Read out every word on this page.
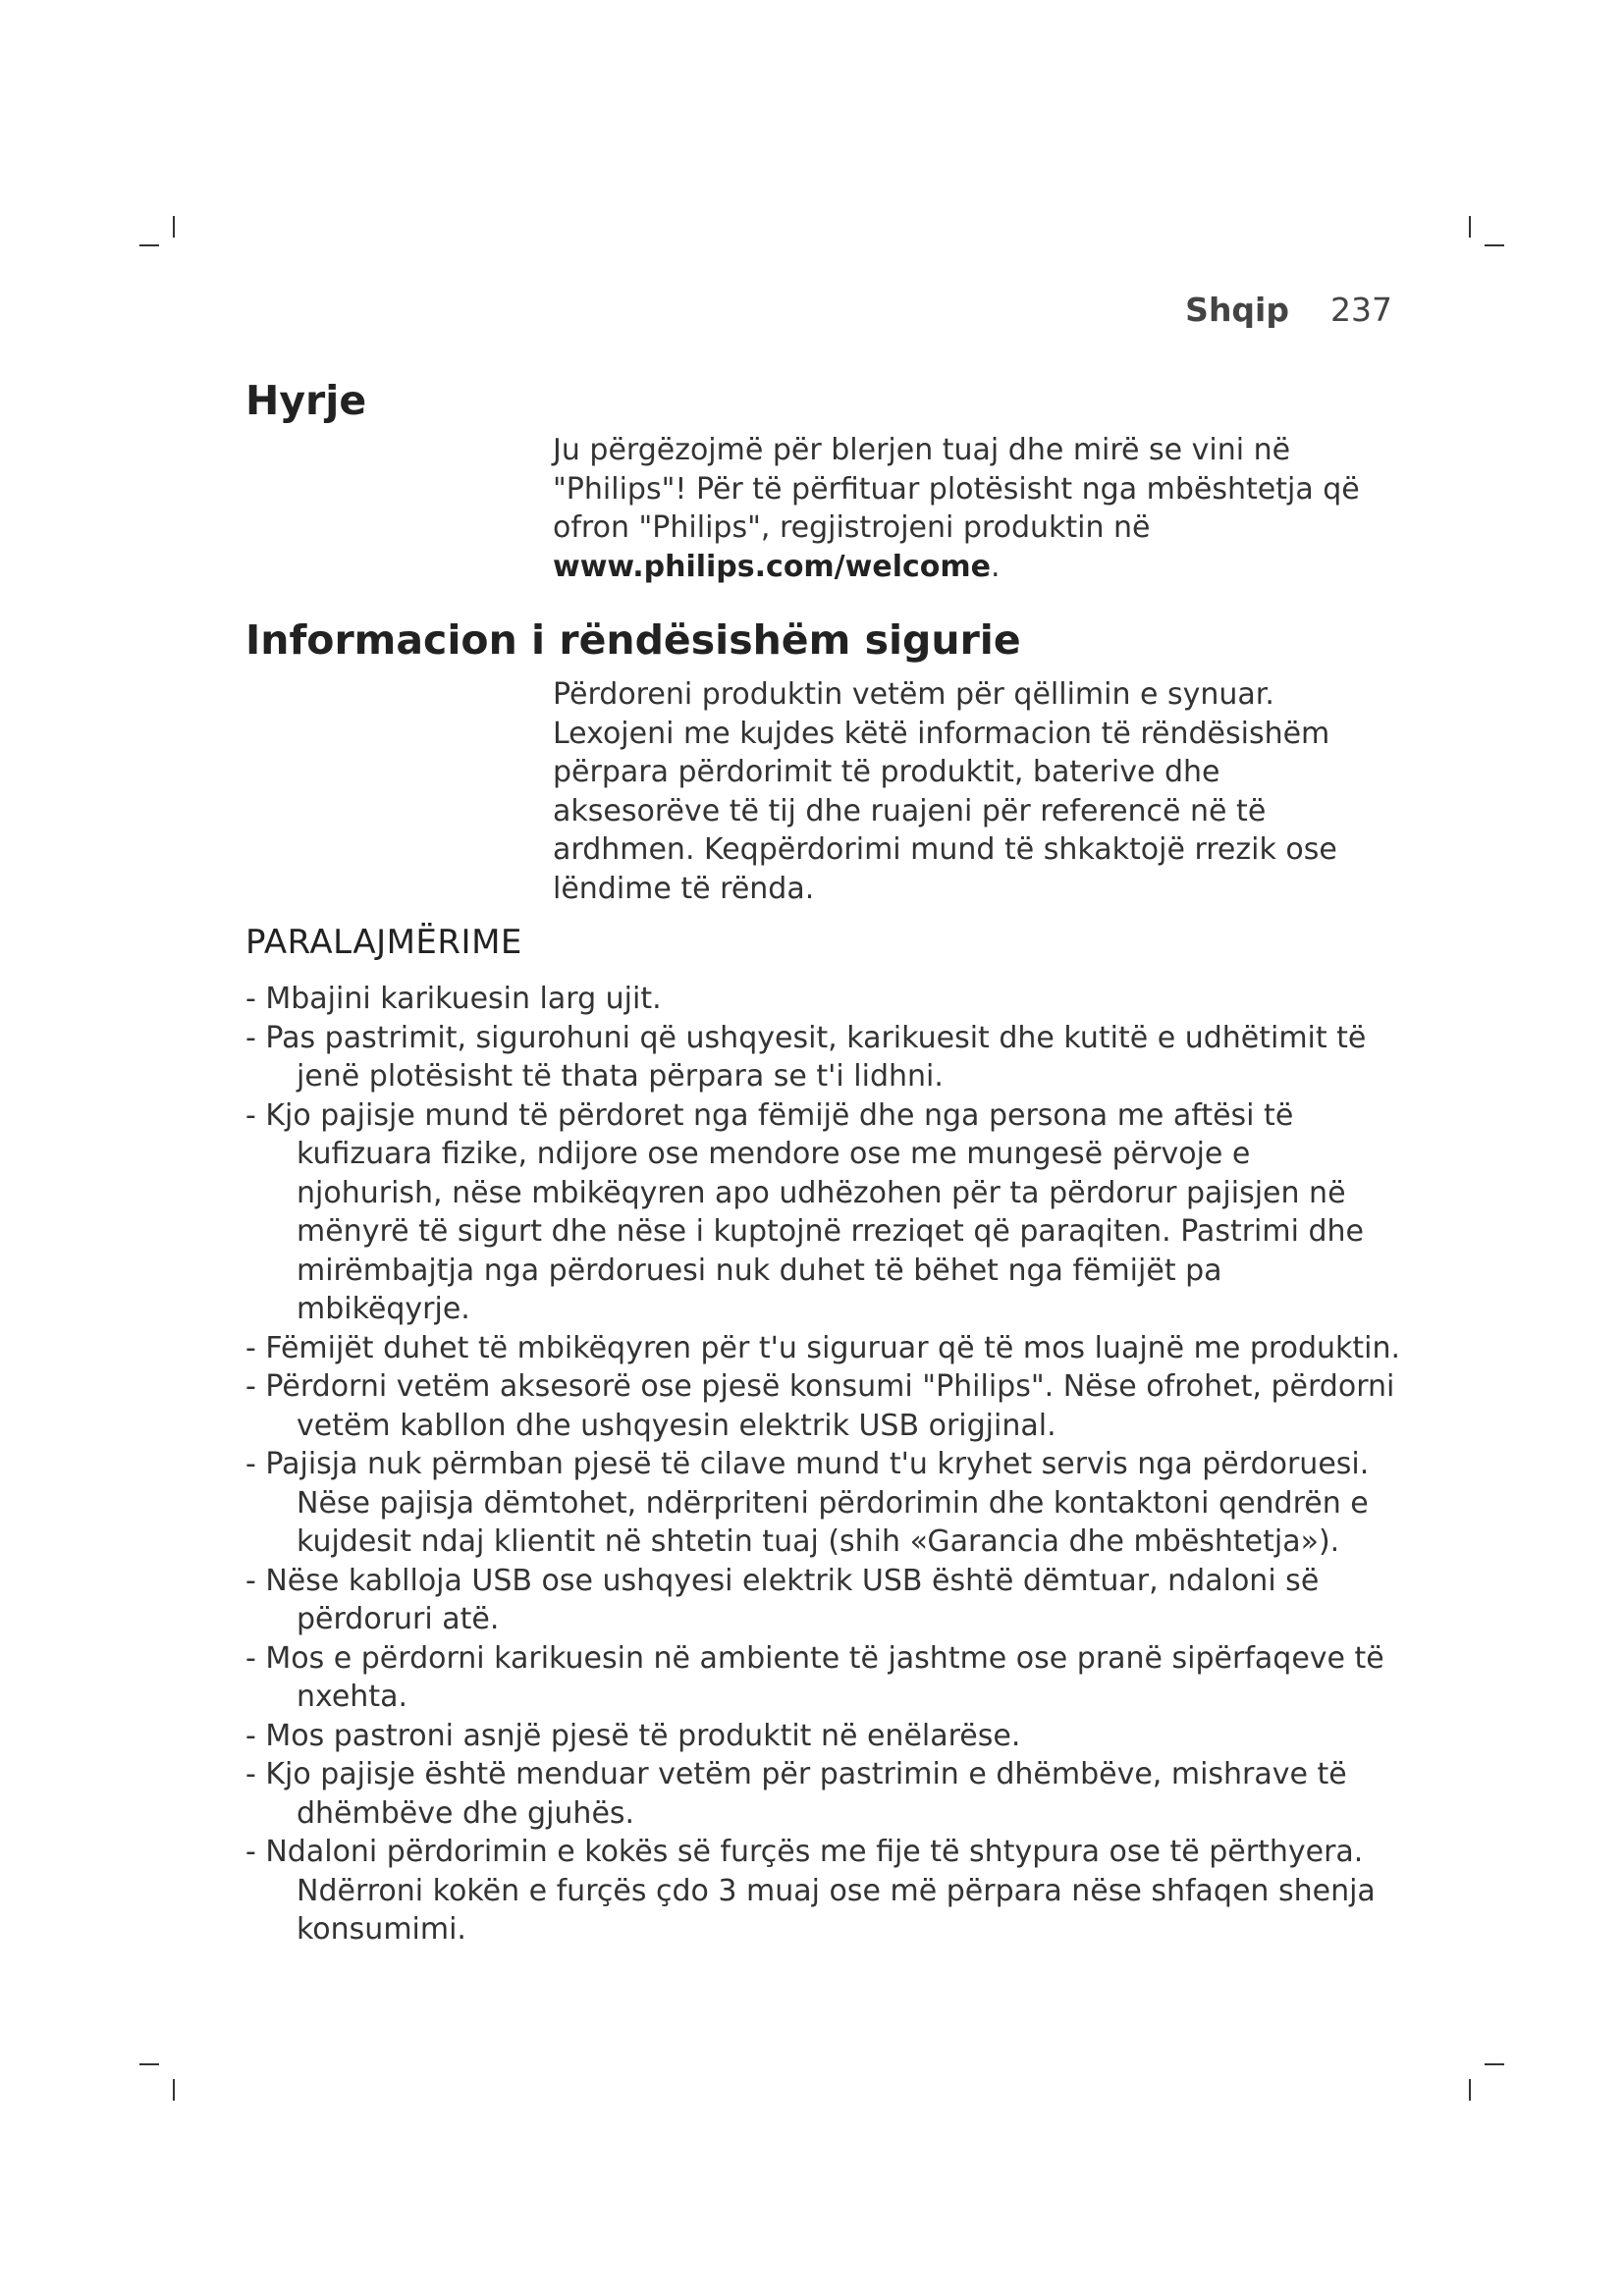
Shqip 237
Hyrje

Ju përgëzojmë për blerjen tuaj dhe mirë se vini në "Philips"! Për të përfituar plotësisht nga mbështetja që ofron "Philips", regjistrojeni produktin në www.philips.com/welcome.

Informacion i rëndësishëm sigurie

Përdoreni produktin vetëm për qëllimin e synuar. Lexojeni me kujdes këtë informacion të rëndësishëm përpara përdorimit të produktit, baterive dhe aksesorëve të tij dhe ruajeni për referencë në të ardhmen. Keqpërdorimi mund të shkaktojë rrezik ose lëndime të rënda.

PARALAJMËRIME
- Mbajini karikuesin larg ujit.
- Pas pastrimit, sigurohuni që ushqyesit, karikuesit dhe kutitë e udhëtimit të jenë plotësisht të thata përpara se t'i lidhni.
- Kjo pajisje mund të përdoret nga fëmijë dhe nga persona me aftësi të kufizuara fizike, ndijore ose mendore ose me mungesë përvoje e njohurish, nëse mbikëqyren apo udhëzohen për ta përdorur pajisjen në mënyrë të sigurt dhe nëse i kuptojnë rreziqet që paraqiten. Pastrimi dhe mirëmbajtja nga përdoruesi nuk duhet të bëhet nga fëmijët pa mbikëqyrje.
- Fëmijët duhet të mbikëqyren për t'u siguruar që të mos luajnë me produktin.
- Përdorni vetëm aksesorë ose pjesë konsumi "Philips". Nëse ofrohet, përdorni vetëm kabllon dhe ushqyesin elektrik USB origjinal.
- Pajisja nuk përmban pjesë të cilave mund t'u kryhet servis nga përdoruesi. Nëse pajisja dëmtohet, ndërpriteni përdorimin dhe kontaktoni qendrën e kujdesit ndaj klientit në shtetin tuaj (shih «Garancia dhe mbështetja»).
- Nëse kablloja USB ose ushqyesi elektrik USB është dëmtuar, ndaloni së përdoruri atë.
- Mos e përdorni karikuesin në ambiente të jashtme ose pranë sipërfaqeve të nxehta.
- Mos pastroni asnjë pjesë të produktit në enëlarëse.
- Kjo pajisje është menduar vetëm për pastrimin e dhëmbëve, mishrave të dhëmbëve dhe gjuhës.
- Ndaloni përdorimin e kokës së furçës me fije të shtypura ose të përthyera. Ndërroni kokën e furçës çdo 3 muaj ose më përpara nëse shfaqen shenja konsumimi.
